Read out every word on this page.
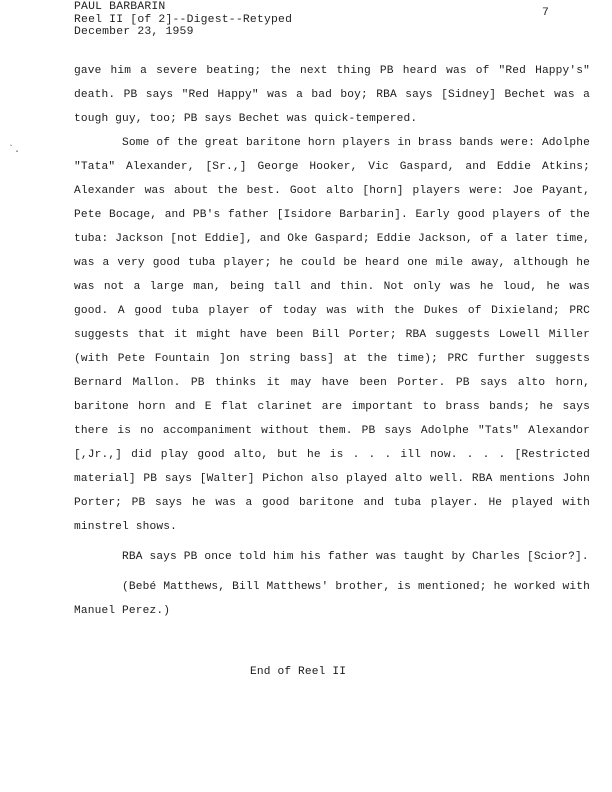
PAUL BARBARIN
Reel II [of 2]--Digest--Retyped
December 23, 1959
7
`.

gave him a severe beating; the next thing PB heard was of "Red Happy's" death. PB says "Red Happy" was a bad boy; RBA says [Sidney] Bechet was a tough guy, too; PB says Bechet was quick-tempered.

Some of the great baritone horn players in brass bands were: Adolphe "Tata" Alexander, [Sr.,] George Hooker, Vic Gaspard, and Eddie Atkins; Alexander was about the best. Goot alto [horn] players were: Joe Payant, Pete Bocage, and PB's father [Isidore Barbarin]. Early good players of the tuba: Jackson [not Eddie], and Oke Gaspard; Eddie Jackson, of a later time, was a very good tuba player; he could be heard one mile away, although he was not a large man, being tall and thin. Not only was he loud, he was good. A good tuba player of today was with the Dukes of Dixieland; PRC suggests that it might have been Bill Porter; RBA suggests Lowell Miller (with Pete Fountain ]on string bass] at the time); PRC further suggests Bernard Mallon. PB thinks it may have been Porter. PB says alto horn, baritone horn and E flat clarinet are important to brass bands; he says there is no accompaniment without them. PB says Adolphe "Tats" Alexandor [,Jr.,] did play good alto, but he is . . . ill now. . . . [Restricted material] PB says [Walter] Pichon also played alto well. RBA mentions John Porter; PB says he was a good baritone and tuba player. He played with minstrel shows.

RBA says PB once told him his father was taught by Charles [Scior?].

(Bebé Matthews, Bill Matthews' brother, is mentioned; he worked with Manuel Perez.)

End of Reel II
